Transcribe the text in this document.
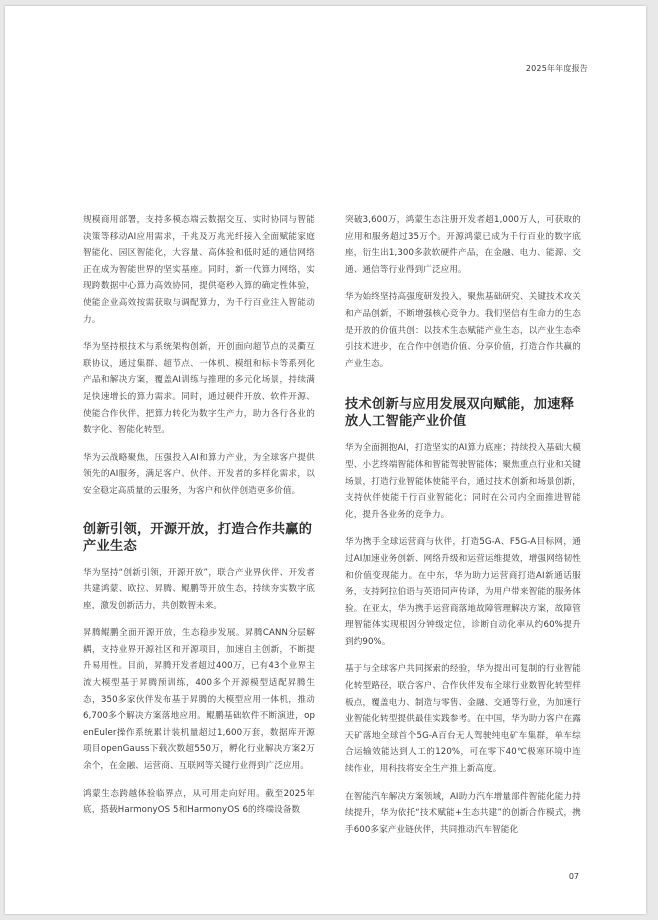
2025年年度报告

规模商用部署，支持多模态端云数据交互、实时协同与智能决策等移动AI应用需求，千兆及万兆光纤接入全面赋能家庭智能化、园区智能化，大容量、高体验和低时延的通信网络正在成为智能世界的坚实基座。同时，新一代算力网络，实现跨数据中心算力高效协同，提供毫秒入算的确定性体验，使能企业高效按需获取与调配算力，为千行百业注入智能动力。

华为坚持根技术与系统架构创新，开创面向超节点的灵衢互联协议，通过集群、超节点、一体机、模组和标卡等系列化产品和解决方案，覆盖AI训练与推理的多元化场景，持续满足快速增长的算力需求。同时，通过硬件开放、软件开源、使能合作伙伴，把算力转化为数字生产力，助力各行各业的数字化、智能化转型。

华为云战略聚焦，压强投入AI和算力产业，为全球客户提供领先的AI服务，满足客户、伙伴、开发者的多样化需求，以安全稳定高质量的云服务，为客户和伙伴创造更多价值。

创新引领，开源开放，打造合作共赢的产业生态

华为坚持“创新引领，开源开放”，联合产业界伙伴、开发者共建鸿蒙、欧拉、昇腾、鲲鹏等开放生态，持续夯实数字底座，激发创新活力，共创数智未来。

昇腾鲲鹏全面开源开放，生态稳步发展。昇腾CANN分层解耦，支持业界开源社区和开源项目，加速自主创新，不断提升易用性。目前，昇腾开发者超过400万，已有43个业界主流大模型基于昇腾预训练，400多个开源模型适配昇腾生态，350多家伙伴发布基于昇腾的大模型应用一体机，推动6,700多个解决方案落地应用。鲲鹏基础软件不断演进，openEuler操作系统累计装机量超过1,600万套，数据库开源项目openGauss下载次数超550万，孵化行业解决方案2万余个，在金融、运营商、互联网等关键行业得到广泛应用。

鸿蒙生态跨越体验临界点，从可用走向好用。截至2025年底，搭载HarmonyOS 5和HarmonyOS 6的终端设备数

突破3,600万，鸿蒙生态注册开发者超1,000万人，可获取的应用和服务超过35万个。开源鸿蒙已成为千行百业的数字底座，衍生出1,300多款软硬件产品，在金融、电力、能源、交通、通信等行业得到广泛应用。

华为始终坚持高强度研发投入，聚焦基础研究、关键技术攻关和产品创新，不断增强核心竞争力。我们坚信有生命力的生态是开放的价值共创：以技术生态赋能产业生态，以产业生态牵引技术进步，在合作中创造价值、分享价值，打造合作共赢的产业生态。

技术创新与应用发展双向赋能，加速释放人工智能产业价值

华为全面拥抱AI，打造坚实的AI算力底座；持续投入基础大模型、小艺终端智能体和智能驾驶智能体；聚焦重点行业和关键场景，打造行业智能体使能平台，通过技术创新和场景创新，支持伙伴使能千行百业智能化；同时在公司内全面推进智能化，提升各业务的竞争力。

华为携手全球运营商与伙伴，打造5G-A、F5G-A目标网，通过AI加速业务创新、网络升级和运营运维提效，增强网络韧性和价值变现能力。在中东，华为助力运营商打造AI新通话服务，支持阿拉伯语与英语同声传译，为用户带来智能的服务体验。在亚太，华为携手运营商落地故障管理解决方案，故障管理智能体实现根因分钟级定位，诊断自动化率从约60%提升到约90%。

基于与全球客户共同探索的经验，华为提出可复制的行业智能化转型路径，联合客户、合作伙伴发布全球行业数智化转型样板点，覆盖电力、制造与零售、金融、交通等行业，为加速行业智能化转型提供最佳实践参考。在中国，华为助力客户在露天矿落地全球首个5G-A百台无人驾驶纯电矿车集群，单车综合运输效能达到人工的120%，可在零下40℃极寒环境中连续作业，用科技将安全生产推上新高度。

在智能汽车解决方案领域，AI助力汽车增量部件智能化能力持续提升，华为依托“技术赋能+生态共建”的创新合作模式，携手600多家产业链伙伴，共同推动汽车智能化

07
